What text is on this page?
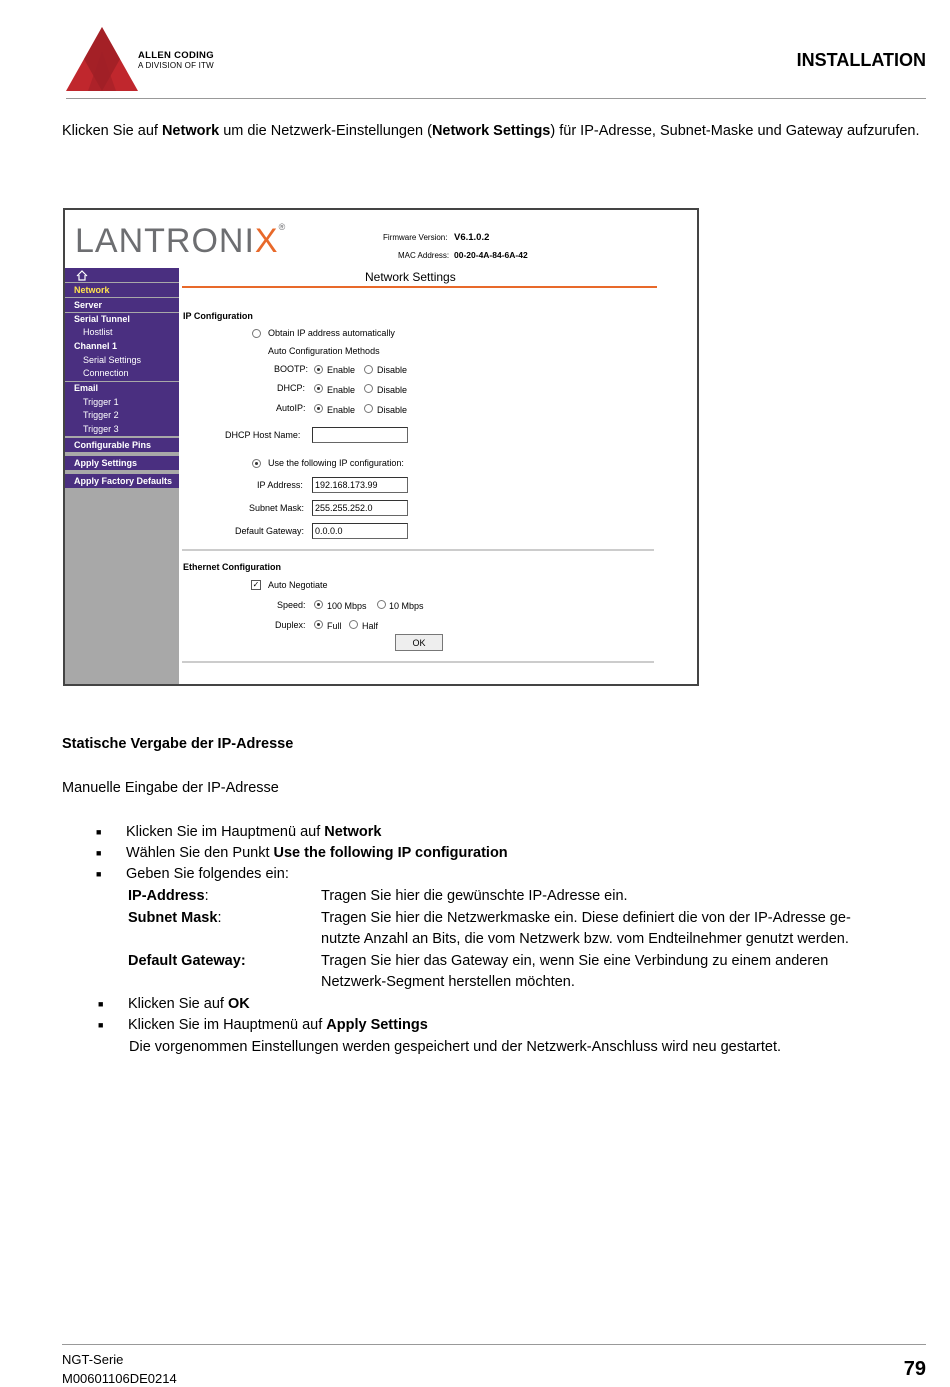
ALLEN CODING
A DIVISION OF ITW	INSTALLATION
Klicken Sie auf Network um die Netzwerk-Einstellungen (Network Settings) für IP-Adresse, Subnet-Maske und Gateway aufzurufen.
LANTRONIX®
Firmware Version: V6.1.0.2
MAC Address: 00-20-4A-84-6A-42
Network
Server
Serial Tunnel
Hostlist
Channel 1
Serial Settings
Connection
Email
Trigger 1
Trigger 2
Trigger 3
Configurable Pins
Apply Settings
Apply Factory Defaults
Network Settings
IP Configuration
Obtain IP address automatically
Auto Configuration Methods
BOOTP: Enable Disable
DHCP: Enable Disable
AutoIP: Enable Disable
DHCP Host Name:
Use the following IP configuration:
IP Address:	192.168.173.99
Subnet Mask:	255.255.252.0
Default Gateway:	0.0.0.0
Ethernet Configuration
✓ Auto Negotiate
Speed: 100 Mbps 10 Mbps
Duplex: Full Half
OK
Statische Vergabe der IP-Adresse
Manuelle Eingabe der IP-Adresse
■ Klicken Sie im Hauptmenü auf Network
■ Wählen Sie den Punkt Use the following IP configuration
■ Geben Sie folgendes ein:
IP-Address:	Tragen Sie hier die gewünschte IP-Adresse ein.
Subnet Mask:	Tragen Sie hier die Netzwerkmaske ein. Diese definiert die von der IP-Adresse ge-
nutzte Anzahl an Bits, die vom Netzwerk bzw. vom Endteilnehmer genutzt werden.
Default Gateway:	Tragen Sie hier das Gateway ein, wenn Sie eine Verbindung zu einem anderen
Netzwerk-Segment herstellen möchten.
■ Klicken Sie auf OK
■ Klicken Sie im Hauptmenü auf Apply Settings
Die vorgenommen Einstellungen werden gespeichert und der Netzwerk-Anschluss wird neu gestartet.
NGT-Serie
M00601106DE0214	79
